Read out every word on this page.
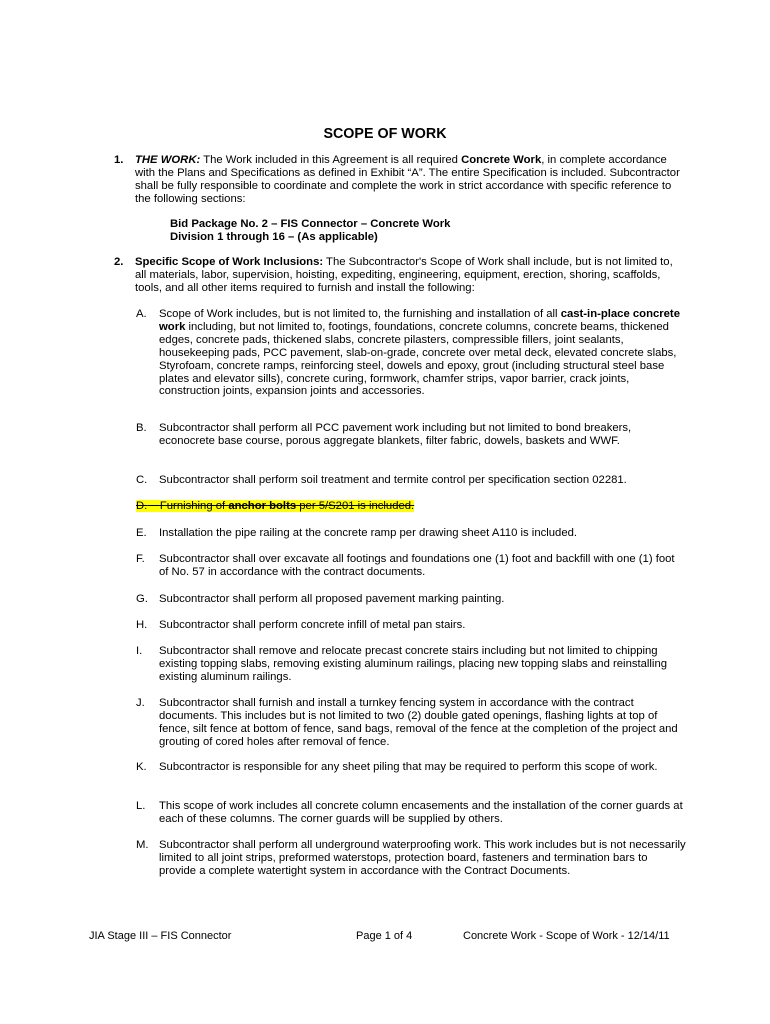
SCOPE OF WORK
1. THE WORK: The Work included in this Agreement is all required Concrete Work, in complete accordance with the Plans and Specifications as defined in Exhibit “A”. The entire Specification is included. Subcontractor shall be fully responsible to coordinate and complete the work in strict accordance with specific reference to the following sections:
Bid Package No. 2 – FIS Connector – Concrete Work
Division 1 through 16 – (As applicable)
2. Specific Scope of Work Inclusions: The Subcontractor's Scope of Work shall include, but is not limited to, all materials, labor, supervision, hoisting, expediting, engineering, equipment, erection, shoring, scaffolds, tools, and all other items required to furnish and install the following:
A. Scope of Work includes, but is not limited to, the furnishing and installation of all cast-in-place concrete work including, but not limited to, footings, foundations, concrete columns, concrete beams, thickened edges, concrete pads, thickened slabs, concrete pilasters, compressible fillers, joint sealants, housekeeping pads, PCC pavement, slab-on-grade, concrete over metal deck, elevated concrete slabs, Styrofoam, concrete ramps, reinforcing steel, dowels and epoxy, grout (including structural steel base plates and elevator sills), concrete curing, formwork, chamfer strips, vapor barrier, crack joints, construction joints, expansion joints and accessories.
B. Subcontractor shall perform all PCC pavement work including but not limited to bond breakers, econocrete base course, porous aggregate blankets, filter fabric, dowels, baskets and WWF.
C. Subcontractor shall perform soil treatment and termite control per specification section 02281.
D. Furnishing of anchor bolts per 5/S201 is included.
E. Installation the pipe railing at the concrete ramp per drawing sheet A110 is included.
F. Subcontractor shall over excavate all footings and foundations one (1) foot and backfill with one (1) foot of No. 57 in accordance with the contract documents.
G. Subcontractor shall perform all proposed pavement marking painting.
H. Subcontractor shall perform concrete infill of metal pan stairs.
I. Subcontractor shall remove and relocate precast concrete stairs including but not limited to chipping existing topping slabs, removing existing aluminum railings, placing new topping slabs and reinstalling existing aluminum railings.
J. Subcontractor shall furnish and install a turnkey fencing system in accordance with the contract documents. This includes but is not limited to two (2) double gated openings, flashing lights at top of fence, silt fence at bottom of fence, sand bags, removal of the fence at the completion of the project and grouting of cored holes after removal of fence.
K. Subcontractor is responsible for any sheet piling that may be required to perform this scope of work.
L. This scope of work includes all concrete column encasements and the installation of the corner guards at each of these columns. The corner guards will be supplied by others.
M. Subcontractor shall perform all underground waterproofing work. This work includes but is not necessarily limited to all joint strips, preformed waterstops, protection board, fasteners and termination bars to provide a complete watertight system in accordance with the Contract Documents.
JIA Stage III – FIS Connector	Page 1 of 4	Concrete Work - Scope of Work - 12/14/11
